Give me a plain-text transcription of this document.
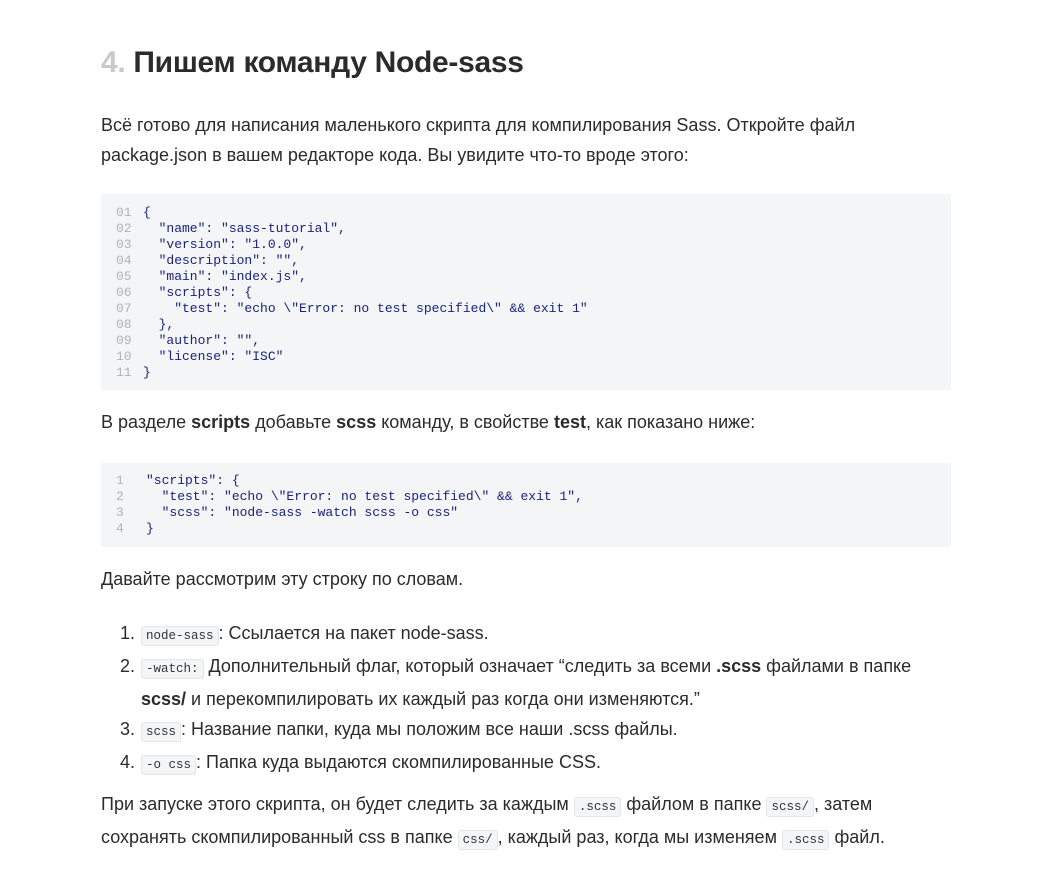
4. Пишем команду Node-sass

Всё готово для написания маленького скрипта для компилирования Sass. Откройте файл package.json в вашем редакторе кода. Вы увидите что-то вроде этого:

01 {
02 "name": "sass-tutorial",
03 "version": "1.0.0",
04 "description": "",
05 "main": "index.js",
06 "scripts": {
07 "test": "echo \"Error: no test specified\" && exit 1"
08 },
09 "author": "",
10 "license": "ISC"
11 }

В разделе scripts добавьте scss команду, в свойстве test, как показано ниже:

1	"scripts": {
2	"test": "echo \"Error: no test specified\" && exit 1",
3	"scss": "node-sass -watch scss -o css"
4	}

Давайте рассмотрим эту строку по словам.

1. node-sass : Ссылается на пакет node-sass.
2. -watch: Дополнительный флаг, который означает “следить за всеми .scss файлами в папке scss/ и перекомпилировать их каждый раз когда они изменяются.”
3. scss : Название папки, куда мы положим все наши .scss файлы.
4. -o css : Папка куда выдаются скомпилированные CSS.

При запуске этого скрипта, он будет следить за каждым .scss файлом в папке scss/ , затем сохранять скомпилированный css в папке css/ , каждый раз, когда мы изменяем .scss файл.
